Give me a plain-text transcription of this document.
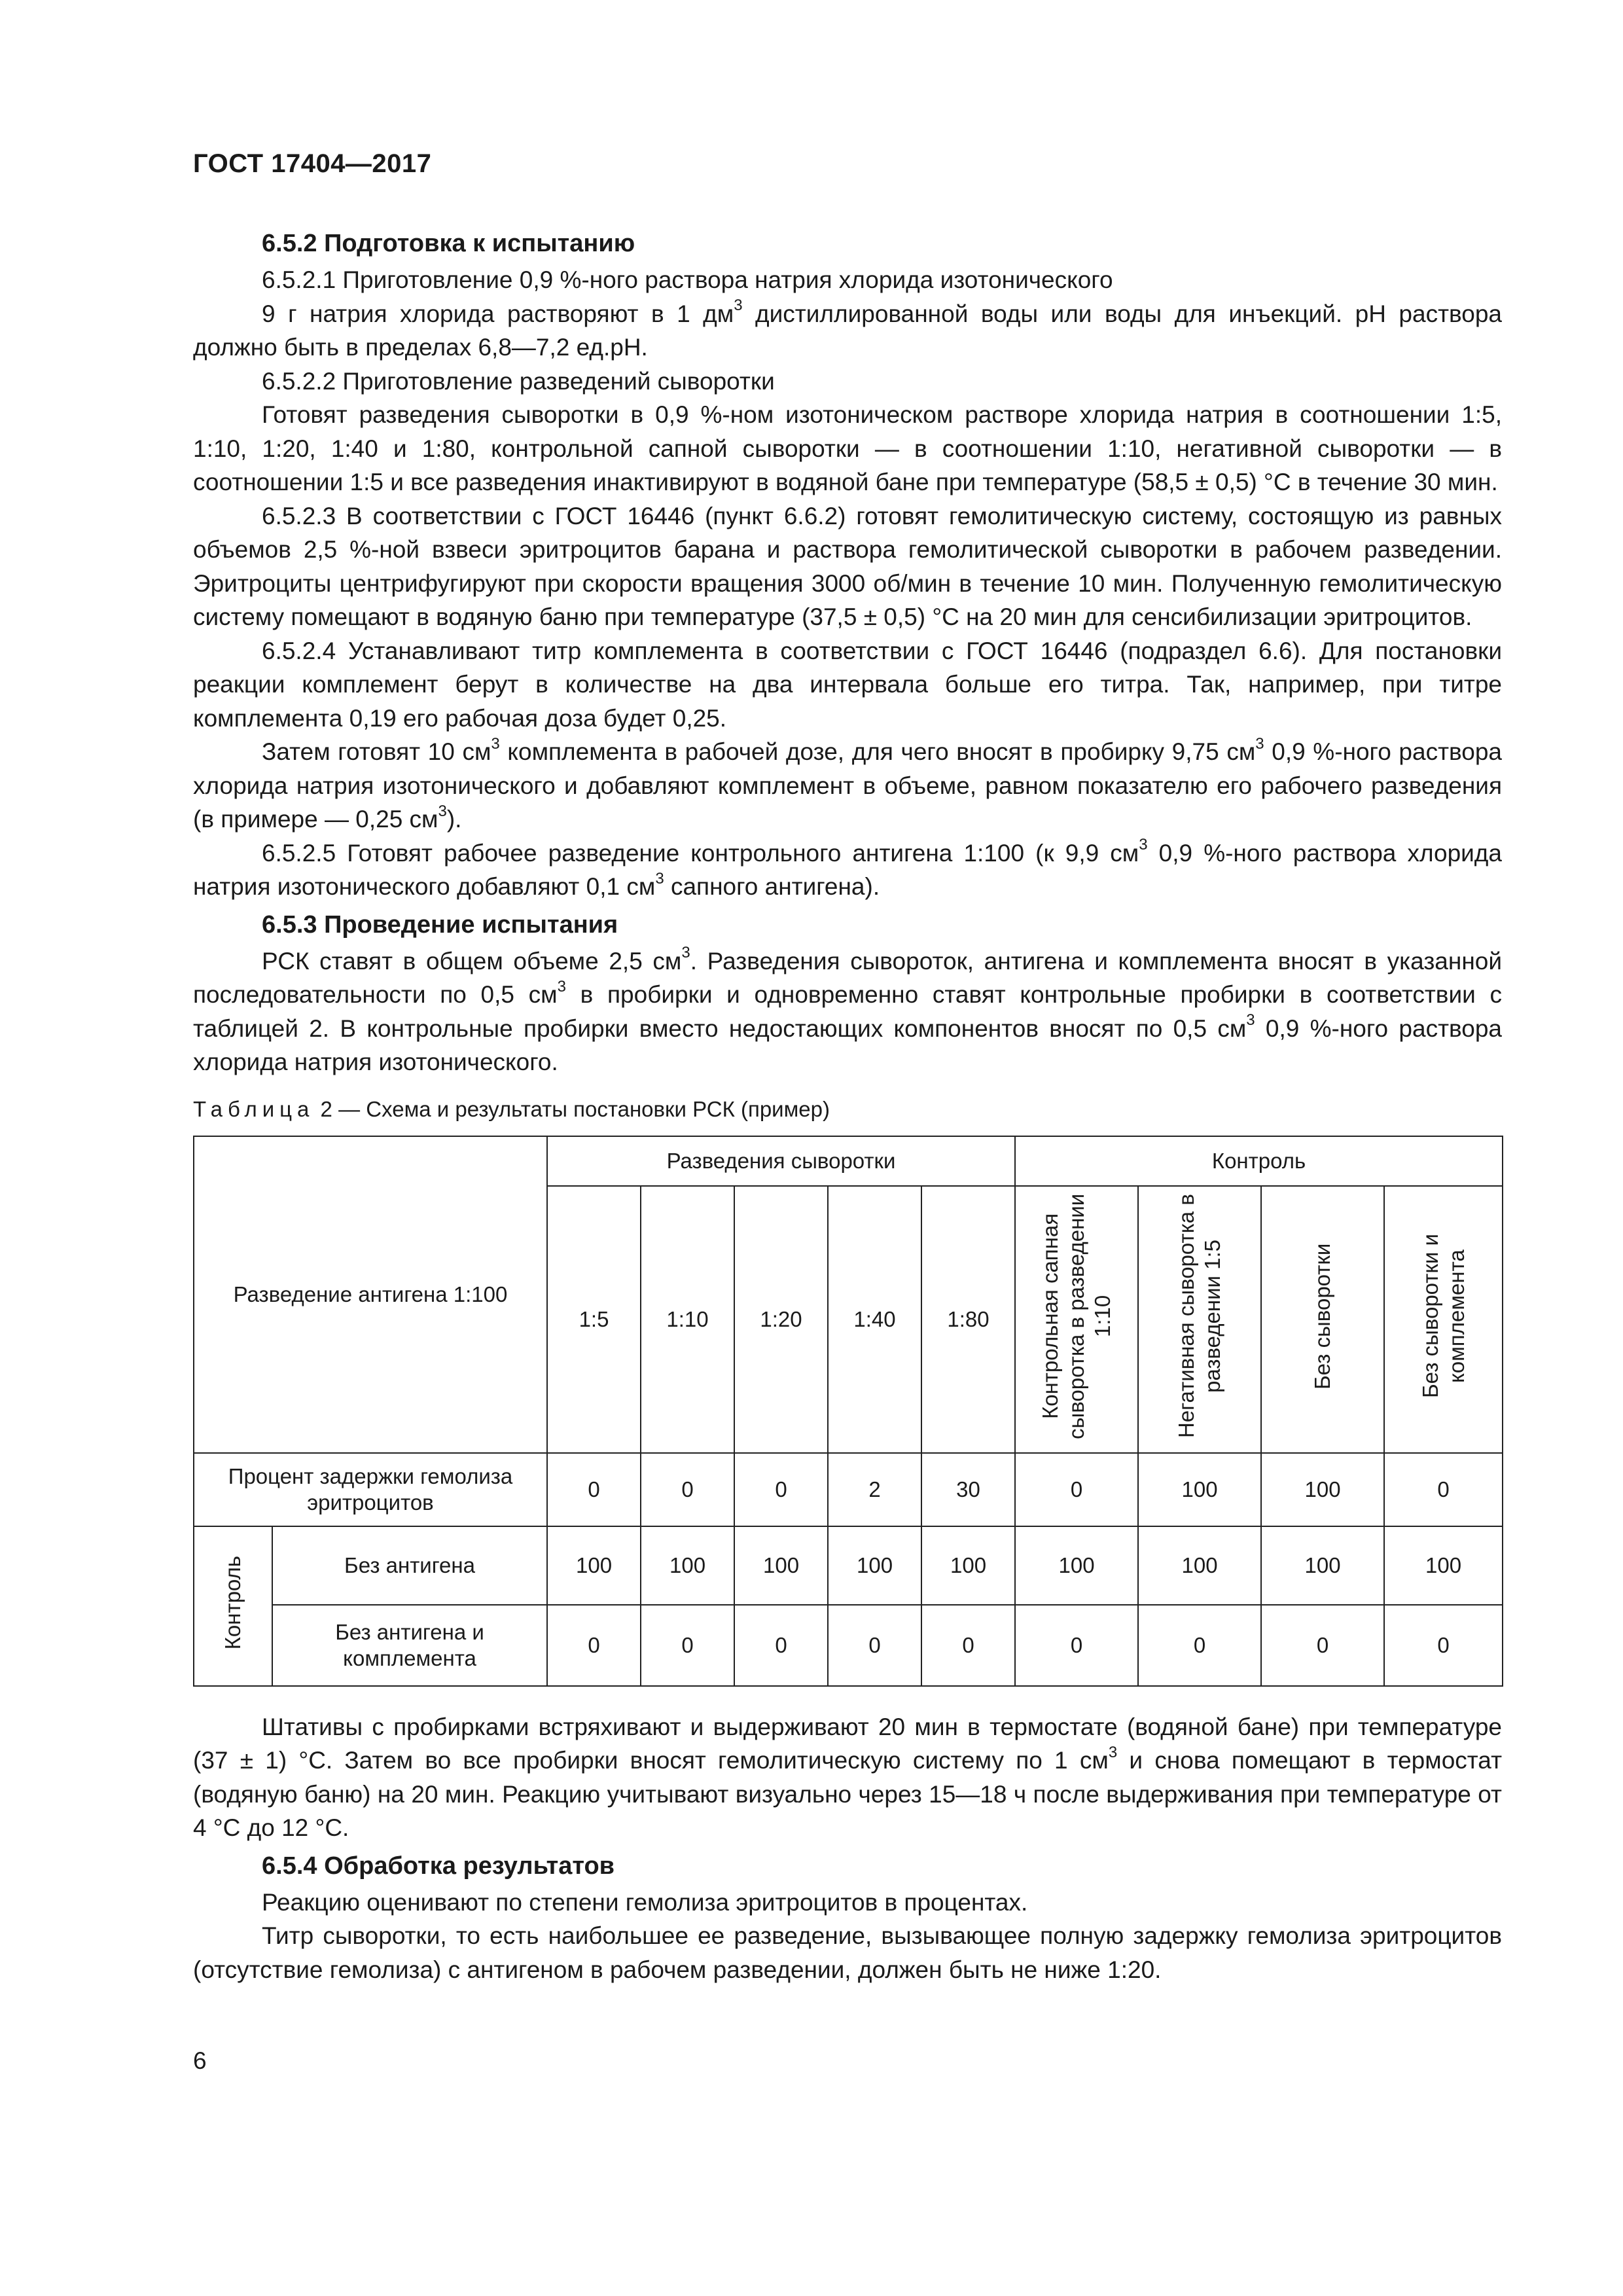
ГОСТ 17404—2017
6.5.2 Подготовка к испытанию

6.5.2.1 Приготовление 0,9 %-ного раствора натрия хлорида изотонического

9 г натрия хлорида растворяют в 1 $дм^3$ дистиллированной воды или воды для инъекций. pH раствора должно быть в пределах 6,8—7,2 ед.pH.

6.5.2.2 Приготовление разведений сыворотки

Готовят разведения сыворотки в 0,9 %-ном изотоническом растворе хлорида натрия в соотношении 1:5, 1:10, 1:20, 1:40 и 1:80, контрольной сапной сыворотки — в соотношении 1:10, негативной сыворотки — в соотношении 1:5 и все разведения инактивируют в водяной бане при температуре (58,5 ± 0,5) °С в течение 30 мин.

6.5.2.3 В соответствии с ГОСТ 16446 (пункт 6.6.2) готовят гемолитическую систему, состоящую из равных объемов 2,5 %-ной взвеси эритроцитов барана и раствора гемолитической сыворотки в рабочем разведении. Эритроциты центрифугируют при скорости вращения 3000 об/мин в течение 10 мин. Полученную гемолитическую систему помещают в водяную баню при температуре (37,5 ± 0,5) °С на 20 мин для сенсибилизации эритроцитов.

6.5.2.4 Устанавливают титр комплемента в соответствии с ГОСТ 16446 (подраздел 6.6). Для постановки реакции комплемент берут в количестве на два интервала больше его титра. Так, например, при титре комплемента 0,19 его рабочая доза будет 0,25.

Затем готовят 10 $см^3$ комплемента в рабочей дозе, для чего вносят в пробирку 9,75 $см^3$ 0,9 %-ного раствора хлорида натрия изотонического и добавляют комплемент в объеме, равном показателю его рабочего разведения (в примере — 0,25 $см^3$).

6.5.2.5 Готовят рабочее разведение контрольного антигена 1:100 (к 9,9 $см^3$ 0,9 %-ного раствора хлорида натрия изотонического добавляют 0,1 $см^3$ сапного антигена).

6.5.3 Проведение испытания

РСК ставят в общем объеме 2,5 $см^3$. Разведения сывороток, антигена и комплемента вносят в указанной последовательности по 0,5 $см^3$ в пробирки и одновременно ставят контрольные пробирки в соответствии с таблицей 2. В контрольные пробирки вместо недостающих компонентов вносят по 0,5 $см^3$ 0,9 %-ного раствора хлорида натрия изотонического.

Таблица 2 — Схема и результаты постановки РСК (пример)
Разведение антигена 1:100		Разведения сыворотки					Контроль			
		1:5	1:10	1:20	1:40	1:80	Контрольная сапная сыворотка в разведении 1:10	Негативная сыворотка в разведении 1:5	Без сыворотки	Без сыворотки и комплемента
Процент задержки гемолиза эритроцитов		0	0	0	2	30	0	100	100	0
Контроль	Без антигена	100	100	100	100	100	100	100	100	100
	Без антигена и комплемента	0	0	0	0	0	0	0	0	0

Штативы с пробирками встряхивают и выдерживают 20 мин в термостате (водяной бане) при температуре (37 ± 1) °С. Затем во все пробирки вносят гемолитическую систему по 1 $см^3$ и снова помещают в термостат (водяную баню) на 20 мин. Реакцию учитывают визуально через 15—18 ч после выдерживания при температуре от 4 °С до 12 °С.

6.5.4 Обработка результатов

Реакцию оценивают по степени гемолиза эритроцитов в процентах.

Титр сыворотки, то есть наибольшее ее разведение, вызывающее полную задержку гемолиза эритроцитов (отсутствие гемолиза) с антигеном в рабочем разведении, должен быть не ниже 1:20.

6
